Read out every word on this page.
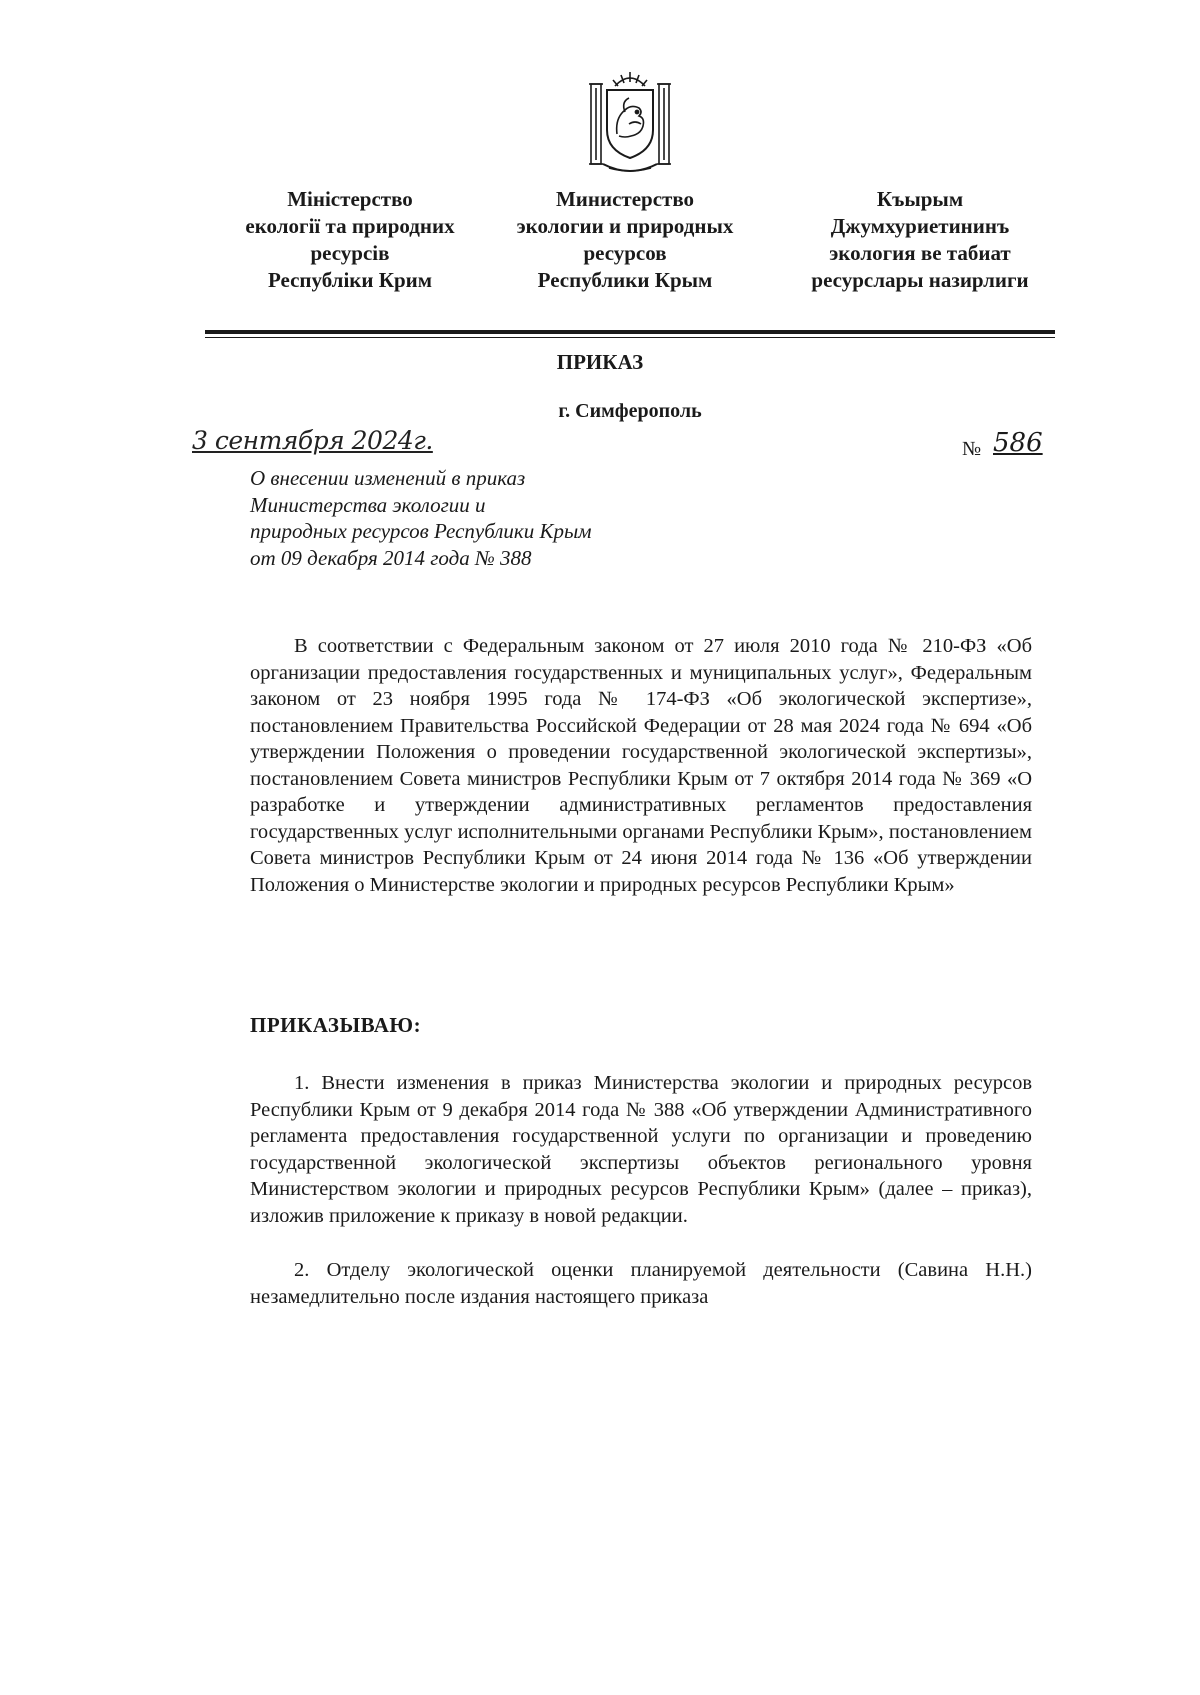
Міністерство
екології та природних
ресурсів
Республіки Крим
Министерство
экологии и природных
ресурсов
Республики Крым
Къырым
Джумхуриетининъ
экология ве табиат
ресурслары назирлиги
ПРИКАЗ
г. Симферополь
3 сентября 2024г.	№ 586
О внесении изменений в приказ
Министерства экологии и
природных ресурсов Республики Крым
от 09 декабря 2014 года № 388
В соответствии с Федеральным законом от 27 июля 2010 года № 210-ФЗ «Об организации предоставления государственных и муниципальных услуг», Федеральным законом от 23 ноября 1995 года № 174-ФЗ «Об экологической экспертизе», постановлением Правительства Российской Федерации от 28 мая 2024 года № 694 «Об утверждении Положения о проведении государственной экологической экспертизы», постановлением Совета министров Республики Крым от 7 октября 2014 года № 369 «О разработке и утверждении административных регламентов предоставления государственных услуг исполнительными органами Республики Крым», постановлением Совета министров Республики Крым от 24 июня 2014 года № 136 «Об утверждении Положения о Министерстве экологии и природных ресурсов Республики Крым»
ПРИКАЗЫВАЮ:
1. Внести изменения в приказ Министерства экологии и природных ресурсов Республики Крым от 9 декабря 2014 года № 388 «Об утверждении Административного регламента предоставления государственной услуги по организации и проведению государственной экологической экспертизы объектов регионального уровня Министерством экологии и природных ресурсов Республики Крым» (далее – приказ), изложив приложение к приказу в новой редакции.
2. Отделу экологической оценки планируемой деятельности (Савина Н.Н.) незамедлительно после издания настоящего приказа
